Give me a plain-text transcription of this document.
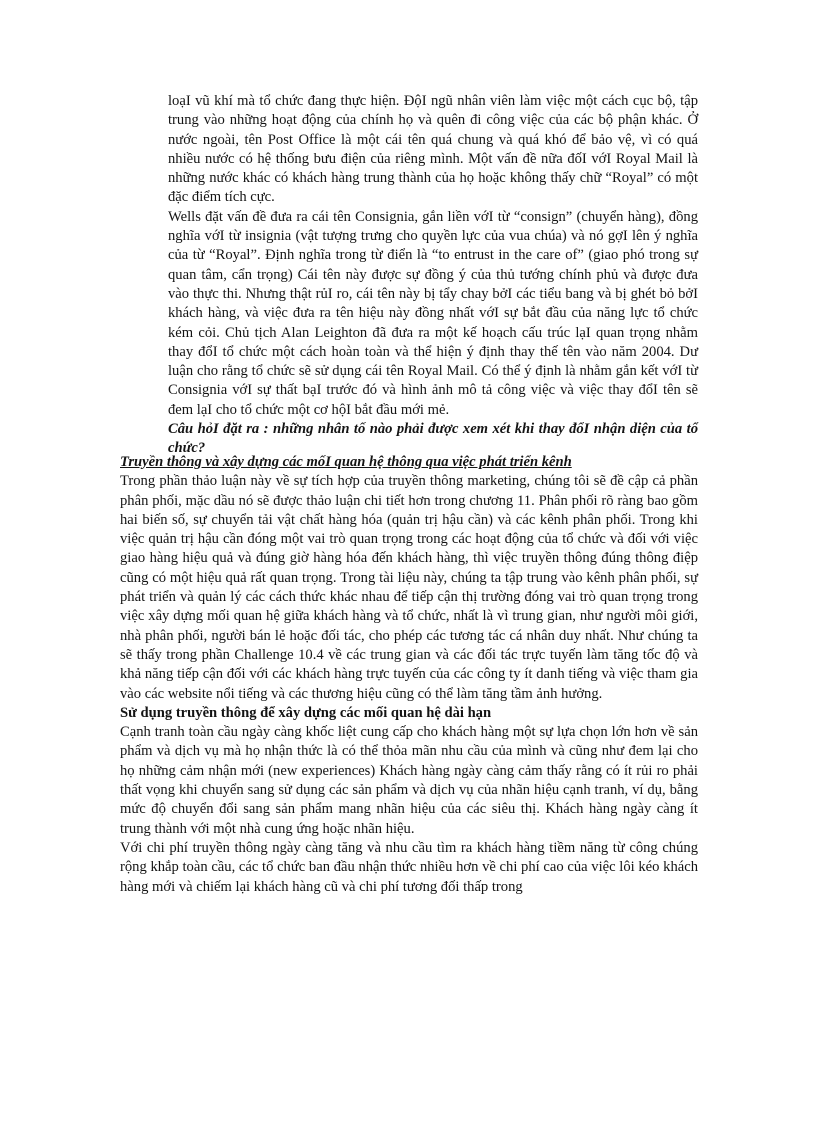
loạI vũ khí mà tổ chức đang thực hiện. ĐộI ngũ nhân viên làm việc một cách cục bộ, tập trung vào những hoạt động của chính họ và quên đi công việc của các bộ phận khác. Ở nước ngoài, tên Post Office là một cái tên quá chung và quá khó để bảo vệ, vì có quá nhiều nước có hệ thống bưu điện của riêng mình. Một vấn đề nữa đốI vớI Royal Mail là những nước khác có khách hàng trung thành của họ hoặc không thấy chữ “Royal” có một đặc điểm tích cực.

Wells đặt vấn đề đưa ra cái tên Consignia, gắn liền vớI từ “consign” (chuyển hàng), đồng nghĩa vớI từ insignia (vật tượng trưng cho quyền lực của vua chúa) và nó gợI lên ý nghĩa của từ “Royal”. Định nghĩa trong từ điển là “to entrust in the care of” (giao phó trong sự quan tâm, cẩn trọng) Cái tên này được sự đồng ý của thủ tướng chính phủ và được đưa vào thực thi. Nhưng thật rủI ro, cái tên này bị tẩy chay bởI các tiểu bang và bị ghét bỏ bởI khách hàng, và việc đưa ra tên hiệu này đồng nhất vớI sự bắt đầu của năng lực tổ chức kém cỏi. Chủ tịch Alan Leighton đã đưa ra một kế hoạch cấu trúc lạI quan trọng nhằm thay đổI tổ chức một cách hoàn toàn và thể hiện ý định thay thế tên vào năm 2004. Dư luận cho rằng tổ chức sẽ sử dụng cái tên Royal Mail. Có thể ý định là nhằm gắn kết vớI từ Consignia vớI sự thất bạI trước đó và hình ảnh mô tả công việc và việc thay đổI tên sẽ đem lạI cho tổ chức một cơ hộI bắt đầu mới mẻ.

Câu hỏI đặt ra : những nhân tố nào phải được xem xét khi thay đổI nhận diện của tổ chức?

Truyền thông và xây dựng các mốI quan hệ thông qua việc phát triển kênh

Trong phần thảo luận này về sự tích hợp của truyền thông marketing, chúng tôi sẽ đề cập cả phần phân phối, mặc dầu nó sẽ được thảo luận chi tiết hơn trong chương 11. Phân phối rõ ràng bao gồm hai biến số, sự chuyển tải vật chất hàng hóa (quản trị hậu cần) và các kênh phân phối. Trong khi việc quản trị hậu cần đóng một vai trò quan trọng trong các hoạt động của tổ chức và đối với việc giao hàng hiệu quả và đúng giờ hàng hóa đến khách hàng, thì việc truyền thông đúng thông điệp cũng có một hiệu quả rất quan trọng. Trong tài liệu này, chúng ta tập trung vào kênh phân phối, sự phát triển và quản lý các cách thức khác nhau để tiếp cận thị trường đóng vai trò quan trọng trong việc xây dựng mối quan hệ giữa khách hàng và tổ chức, nhất là vì trung gian, như người môi giới, nhà phân phối, người bán lẻ hoặc đối tác, cho phép các tương tác cá nhân duy nhất. Như chúng ta sẽ thấy trong phần Challenge 10.4 về các trung gian và các đối tác trực tuyến làm tăng tốc độ và khả năng tiếp cận đối với các khách hàng trực tuyến của các công ty ít danh tiếng và việc tham gia vào các website nổi tiếng và các thương hiệu cũng có thể làm tăng tầm ảnh hưởng.

Sử dụng truyền thông để xây dựng các mối quan hệ dài hạn

Cạnh tranh toàn cầu ngày càng khốc liệt cung cấp cho khách hàng một sự lựa chọn lớn hơn về sản phẩm và dịch vụ mà họ nhận thức là có thể thỏa mãn nhu cầu của mình và cũng như đem lại cho họ những cảm nhận mới (new experiences) Khách hàng ngày càng cảm thấy rằng có ít rủi ro phải thất vọng khi chuyển sang sử dụng các sản phẩm và dịch vụ của nhãn hiệu cạnh tranh, ví dụ, bằng mức độ chuyển đổi sang sản phẩm mang nhãn hiệu của các siêu thị. Khách hàng ngày càng ít trung thành với một nhà cung ứng hoặc nhãn hiệu.

Với chi phí truyền thông ngày càng tăng và nhu cầu tìm ra khách hàng tiềm năng từ công chúng rộng khắp toàn cầu, các tổ chức ban đầu nhận thức nhiều hơn về chi phí cao của việc lôi kéo khách hàng mới và chiếm lại khách hàng cũ và chi phí tương đối thấp trong
